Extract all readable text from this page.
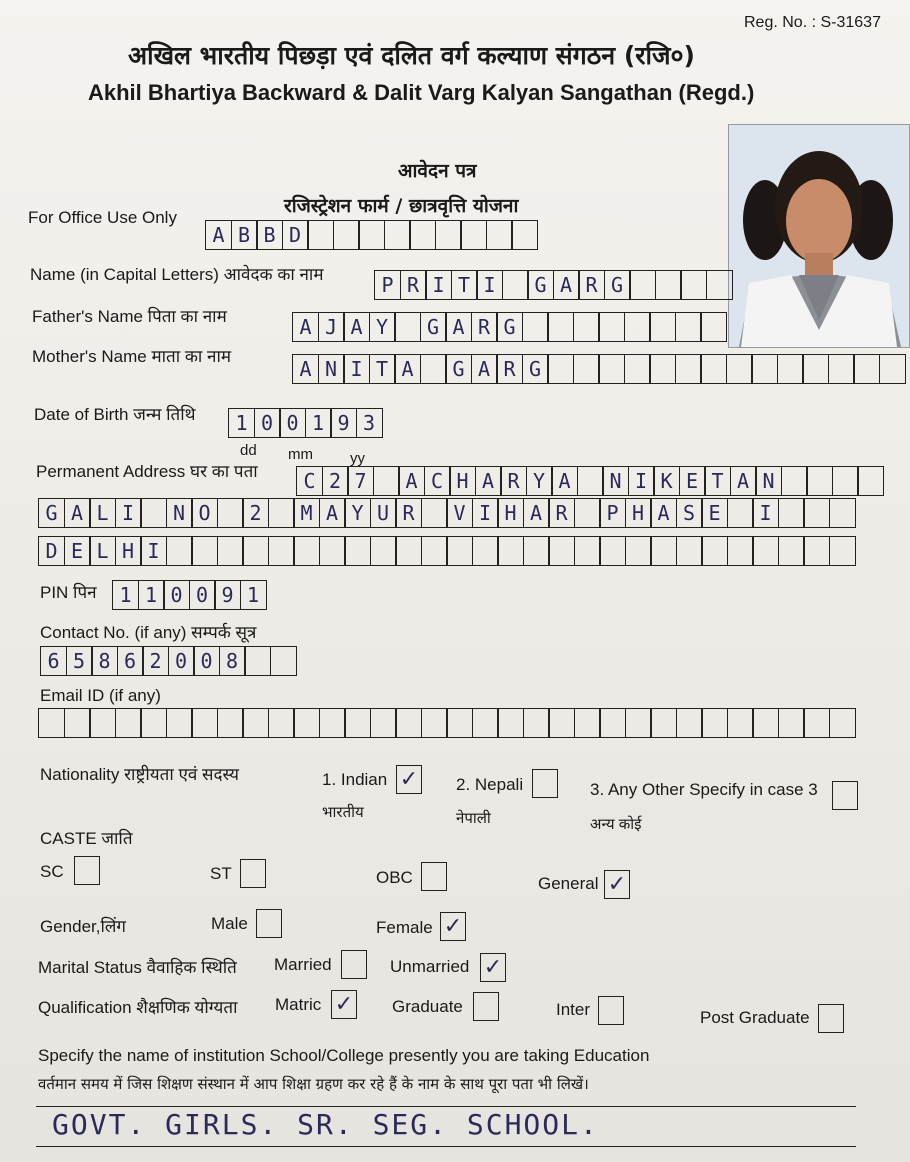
Reg. No. : S-31637
अखिल भारतीय पिछड़ा एवं दलित वर्ग कल्याण संगठन (रजि०)
Akhil Bhartiya Backward & Dalit Varg Kalyan Sangathan (Regd.)
आवेदन पत्र
रजिस्ट्रेशन फार्म / छात्रवृत्ति योजना
For Office Use Only
A B B D
Name (in Capital Letters) आवेदक का नाम	P R I T I	G A R G
Father's Name पिता का नाम	A J A Y	G A R G
Mother's Name माता का नाम
A N I T A	G A R G
Date of Birth जन्म तिथि	1 0 0 1 9 3
dd mm yy
Permanent Address घर का पता	C 2 7	A C H A R Y A	N I K E T A N
G A L I	N O	2	M A Y U R	V I H A R	P H A S E	I
D E L H I
PIN पिन	1 1 0 0 9 1
Contact No. (if any) सम्पर्क सूत्र
6 5 8 6 2 0 0 8
Email ID (if any)
Nationality राष्ट्रीयता एवं सदस्य	1. Indian ✓
भारतीय
2. Nepali
नेपाली
3. Any Other Specify in case 3
अन्य कोई
CASTE जाति
SC	ST	OBC	General ✓
Gender,लिंग	Male	Female ✓
Marital Status वैवाहिक स्थिति Married	Unmarried ✓
Qualification शैक्षणिक योग्यता Matric ✓ Graduate	Inter	Post Graduate
Specify the name of institution School/College presently you are taking Education
वर्तमान समय में जिस शिक्षण संस्थान में आप शिक्षा ग्रहण कर रहे हैं के नाम के साथ पूरा पता भी लिखें।
GOVT. GIRLS. SR. SEG. SCHOOL.
